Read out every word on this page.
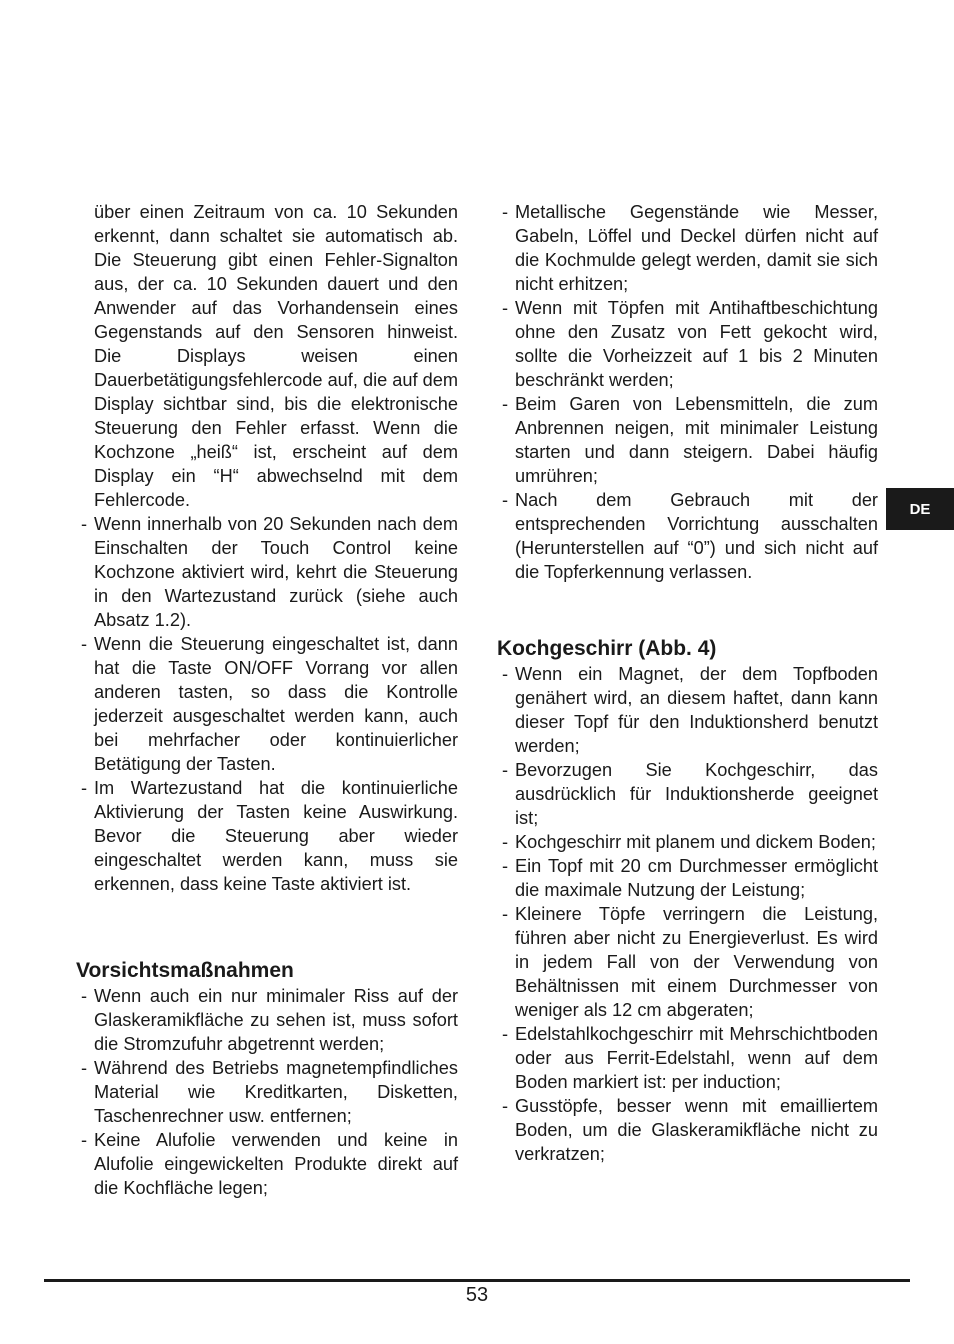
über einen Zeitraum von ca. 10 Sekunden erkennt, dann schaltet sie automatisch ab. Die Steuerung gibt einen Fehler-Signalton aus, der ca. 10 Sekunden dauert und den Anwender auf das Vorhandensein eines Gegenstands auf den Sensoren hinweist. Die Displays weisen einen Dauerbetätigungsfehlercode auf, die auf dem Display sichtbar sind, bis die elektronische Steuerung den Fehler erfasst. Wenn die Kochzone „heiß“ ist, erscheint auf dem Display ein “H“ abwechselnd mit dem Fehlercode.

- Wenn innerhalb von 20 Sekunden nach dem Einschalten der Touch Control keine Kochzone aktiviert wird, kehrt die Steuerung in den Wartezustand zurück (siehe auch Absatz 1.2).
- Wenn die Steuerung eingeschaltet ist, dann hat die Taste ON/OFF Vorrang vor allen anderen tasten, so dass die Kontrolle jederzeit ausgeschaltet werden kann, auch bei mehrfacher oder kontinuierlicher Betätigung der Tasten.
- Im Wartezustand hat die kontinuierliche Aktivierung der Tasten keine Auswirkung. Bevor die Steuerung aber wieder eingeschaltet werden kann, muss sie erkennen, dass keine Taste aktiviert ist.
Vorsichtsmaßnahmen
- Wenn auch ein nur minimaler Riss auf der Glaskeramikfläche zu sehen ist, muss sofort die Stromzufuhr abgetrennt werden;
- Während des Betriebs magnetempfindliches Material wie Kreditkarten, Disketten, Taschenrechner usw. entfernen;
- Keine Alufolie verwenden und keine in Alufolie eingewickelten Produkte direkt auf die Kochfläche legen;
- Metallische Gegenstände wie Messer, Gabeln, Löffel und Deckel dürfen nicht auf die Kochmulde gelegt werden, damit sie sich nicht erhitzen;
- Wenn mit Töpfen mit Antihaftbeschichtung ohne den Zusatz von Fett gekocht wird, sollte die Vorheizzeit auf 1 bis 2 Minuten beschränkt werden;
- Beim Garen von Lebensmitteln, die zum Anbrennen neigen, mit minimaler Leistung starten und dann steigern. Dabei häufig umrühren;
- Nach dem Gebrauch mit der entsprechenden Vorrichtung ausschalten (Herunterstellen auf “0”) und sich nicht auf die Topferkennung verlassen.
Kochgeschirr (Abb. 4)
- Wenn ein Magnet, der dem Topfboden genähert wird, an diesem haftet, dann kann dieser Topf für den Induktionsherd benutzt werden;
- Bevorzugen Sie Kochgeschirr, das ausdrücklich für Induktionsherde geeignet ist;
- Kochgeschirr mit planem und dickem Boden;
- Ein Topf mit 20 cm Durchmesser ermöglicht die maximale Nutzung der Leistung;
- Kleinere Töpfe verringern die Leistung, führen aber nicht zu Energieverlust. Es wird in jedem Fall von der Verwendung von Behältnissen mit einem Durchmesser von weniger als 12 cm abgeraten;
- Edelstahlkochgeschirr mit Mehrschichtboden oder aus Ferrit-Edelstahl, wenn auf dem Boden markiert ist: per induction;
- Gusstöpfe, besser wenn mit emailliertem Boden, um die Glaskeramikfläche nicht zu verkratzen;
DE
53
